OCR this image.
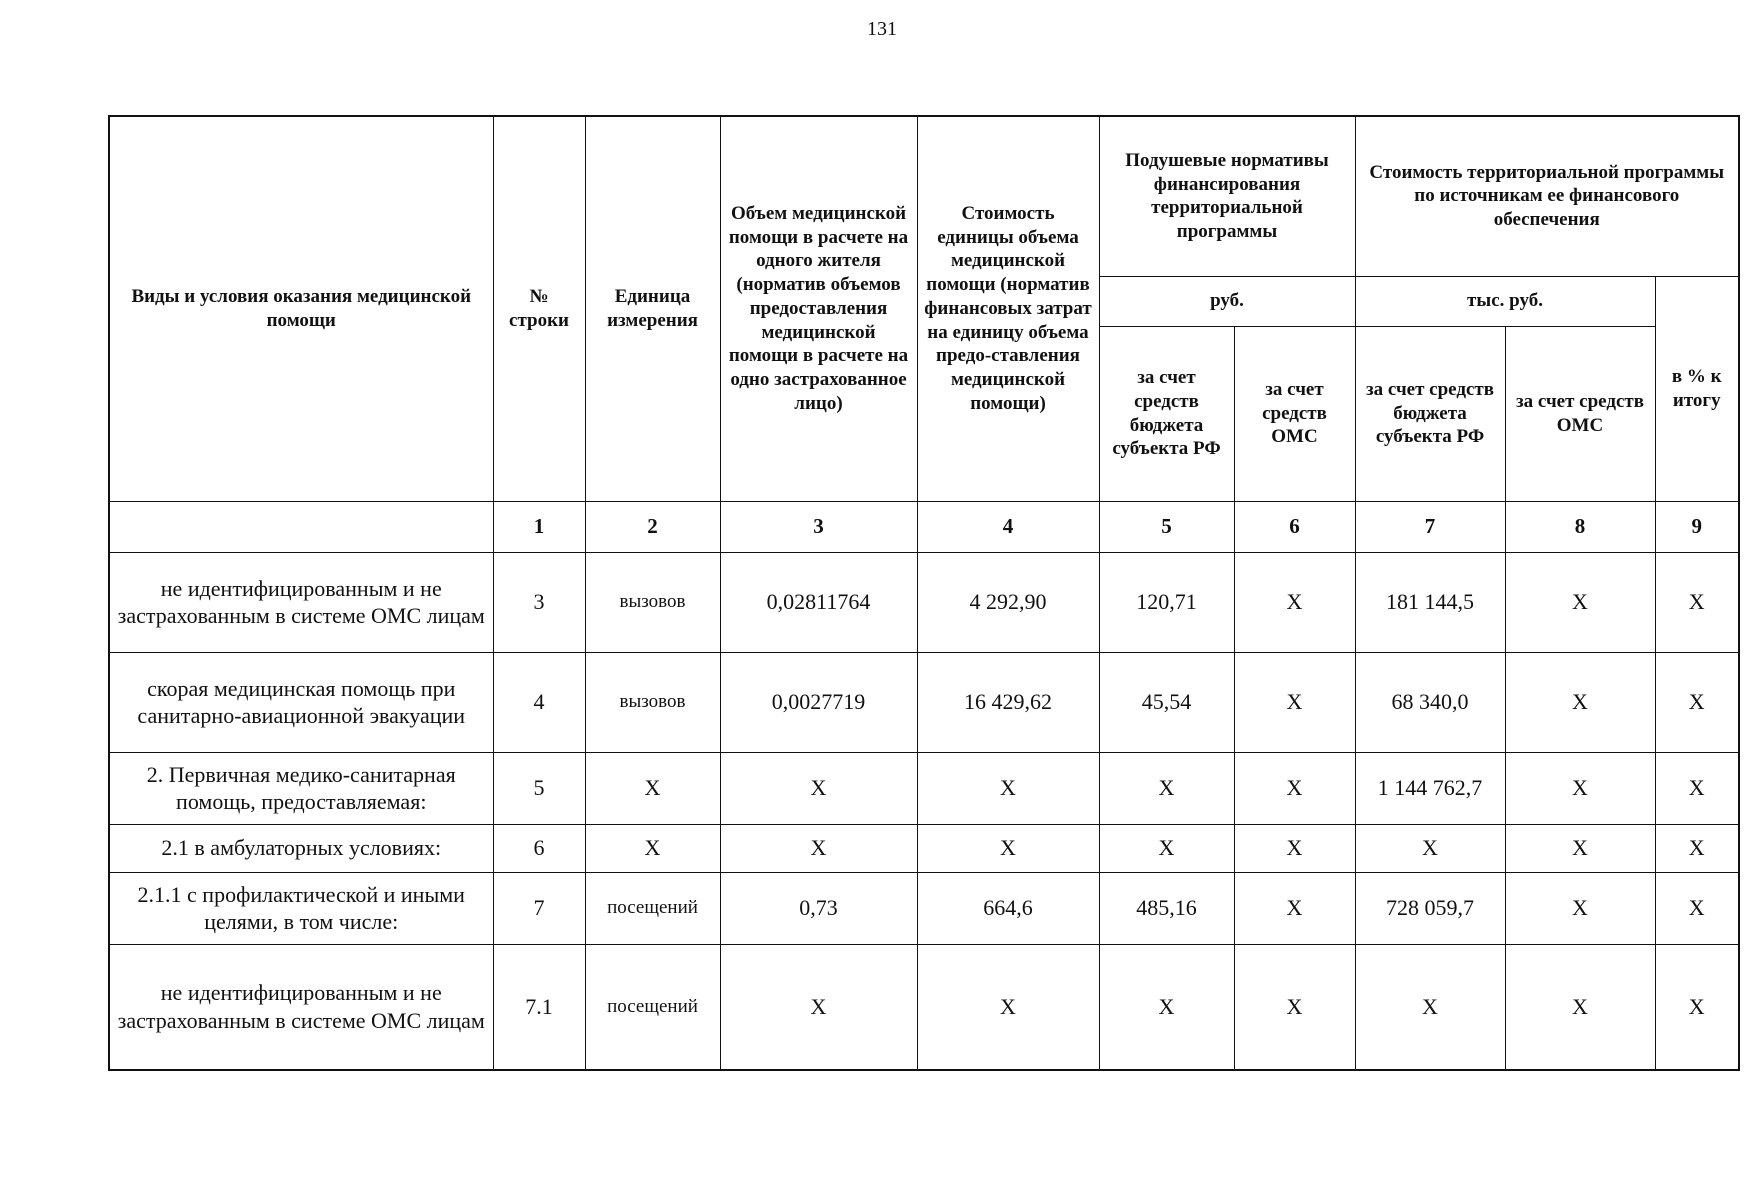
131
Виды и условия оказания медицинской помощи	№ строки	Единица измерения	Объем медицинской помощи в расчете на одного жителя (норматив объемов предоставления медицинской помощи в расчете на одно застрахованное лицо)	Стоимость единицы объема медицинской помощи (норматив финансовых затрат на единицу объема предо-ставления медицинской помощи)	Подушевые нормативы финансирования территориальной программы		Стоимость территориальной программы по источникам ее финансового обеспечения		
					руб.		тыс. руб.		в % к итогу
					за счет средств бюджета субъекта РФ	за счет средств ОМС	за счет средств бюджета субъекта РФ	за счет средств ОМС	
	1	2	3	4	5	6	7	8	9
не идентифицированным и не застрахованным в системе ОМС лицам	3	вызовов	0,02811764	4 292,90	120,71	X	181 144,5	X	X
скорая медицинская помощь при санитарно-авиационной эвакуации	4	вызовов	0,0027719	16 429,62	45,54	X	68 340,0	X	X
2. Первичная медико-санитарная помощь, предоставляемая:	5	X	X	X	X	X	1 144 762,7	X	X
2.1 в амбулаторных условиях:	6	X	X	X	X	X	X	X	X
2.1.1 с профилактической и иными целями, в том числе:	7	посещений	0,73	664,6	485,16	X	728 059,7	X	X
не идентифицированным и не застрахованным в системе ОМС лицам	7.1	посещений	X	X	X	X	X	X	X
